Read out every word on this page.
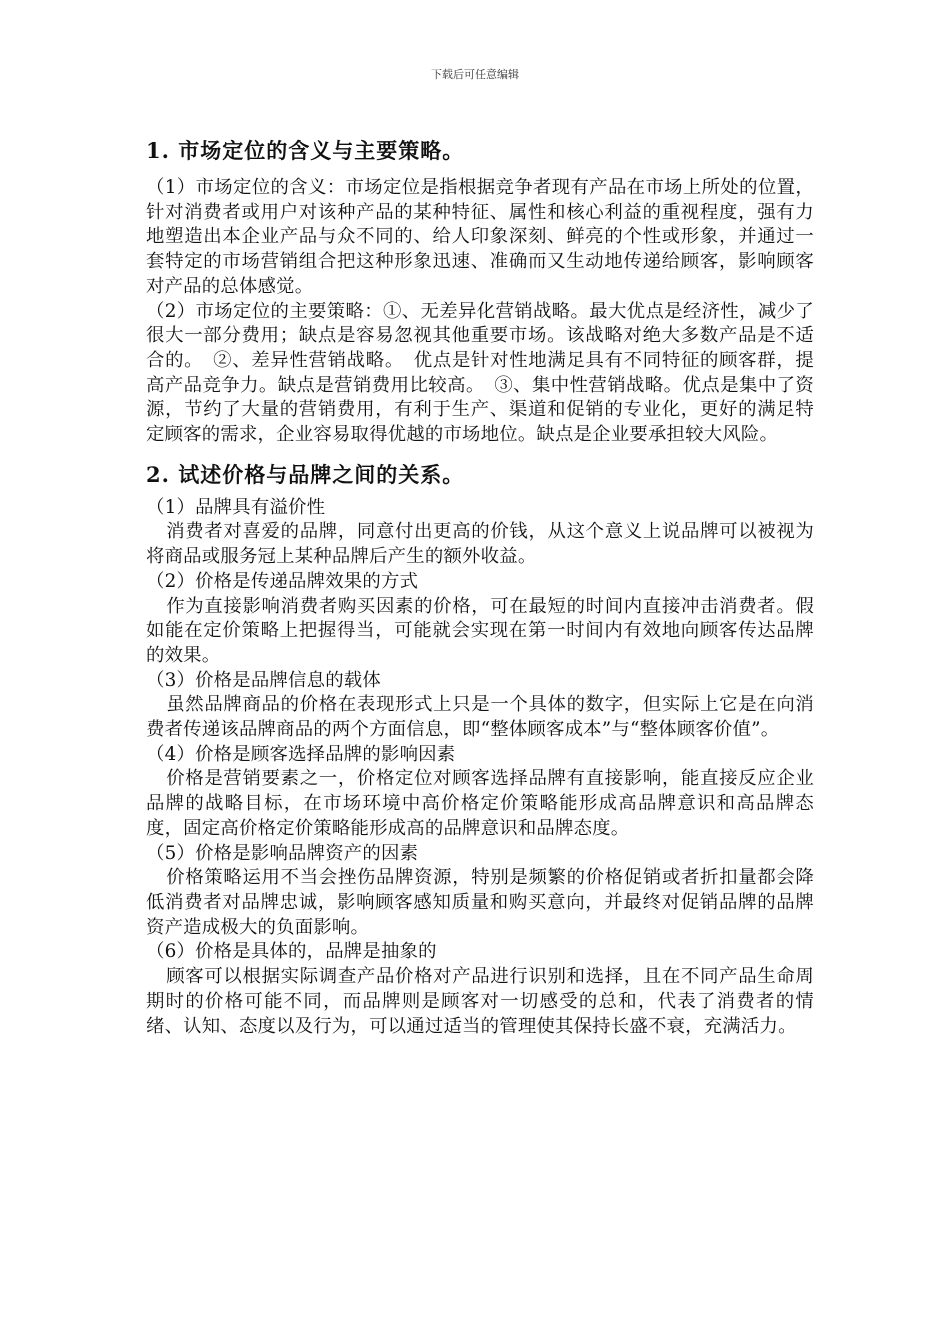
下载后可任意编辑
1. 市场定位的含义与主要策略。

（1）市场定位的含义：市场定位是指根据竞争者现有产品在市场上所处的位置，针对消费者或用户对该种产品的某种特征、属性和核心利益的重视程度，强有力地塑造出本企业产品与众不同的、给人印象深刻、鲜亮的个性或形象，并通过一套特定的市场营销组合把这种形象迅速、准确而又生动地传递给顾客，影响顾客对产品的总体感觉。

（2）市场定位的主要策略：①、无差异化营销战略。最大优点是经济性，减少了很大一部分费用；缺点是容易忽视其他重要市场。该战略对绝大多数产品是不适合的。　②、差异性营销战略。　优点是针对性地满足具有不同特征的顾客群，提高产品竞争力。缺点是营销费用比较高。　③、集中性营销战略。优点是集中了资源，节约了大量的营销费用，有利于生产、渠道和促销的专业化，更好的满足特定顾客的需求，企业容易取得优越的市场地位。缺点是企业要承担较大风险。

2. 试述价格与品牌之间的关系。

（1）品牌具有溢价性

消费者对喜爱的品牌，同意付出更高的价钱，从这个意义上说品牌可以被视为将商品或服务冠上某种品牌后产生的额外收益。

（2）价格是传递品牌效果的方式

作为直接影响消费者购买因素的价格，可在最短的时间内直接冲击消费者。假如能在定价策略上把握得当，可能就会实现在第一时间内有效地向顾客传达品牌的效果。

（3）价格是品牌信息的载体

虽然品牌商品的价格在表现形式上只是一个具体的数字，但实际上它是在向消费者传递该品牌商品的两个方面信息，即“整体顾客成本”与“整体顾客价值”。

（4）价格是顾客选择品牌的影响因素

价格是营销要素之一，价格定位对顾客选择品牌有直接影响，能直接反应企业品牌的战略目标，在市场环境中高价格定价策略能形成高品牌意识和高品牌态度，固定高价格定价策略能形成高的品牌意识和品牌态度。

（5）价格是影响品牌资产的因素

价格策略运用不当会挫伤品牌资源，特别是频繁的价格促销或者折扣量都会降低消费者对品牌忠诚，影响顾客感知质量和购买意向，并最终对促销品牌的品牌资产造成极大的负面影响。

（6）价格是具体的，品牌是抽象的

顾客可以根据实际调查产品价格对产品进行识别和选择，且在不同产品生命周期时的价格可能不同，而品牌则是顾客对一切感受的总和，代表了消费者的情绪、认知、态度以及行为，可以通过适当的管理使其保持长盛不衰，充满活力。
